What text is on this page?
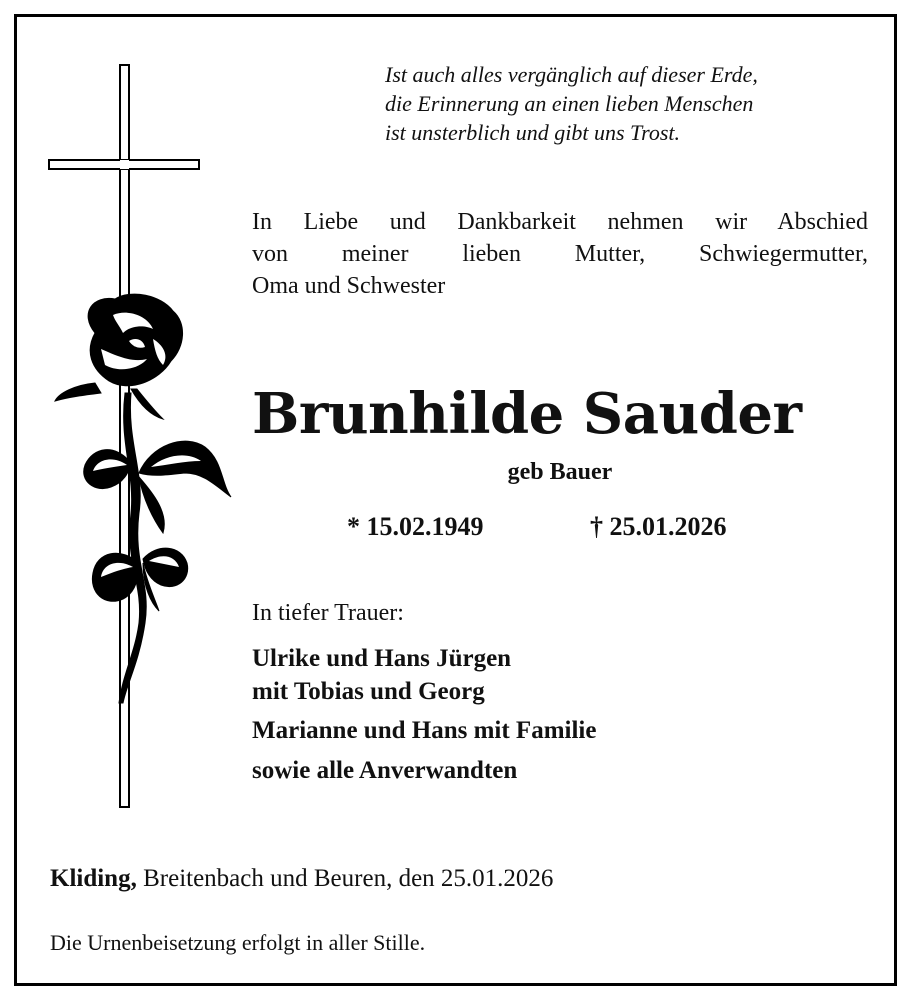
Ist auch alles vergänglich auf dieser Erde,
die Erinnerung an einen lieben Menschen
ist unsterblich und gibt uns Trost.
In Liebe und Dankbarkeit nehmen wir Abschied
von meiner lieben Mutter, Schwiegermutter,
Oma und Schwester
Brunhilde Sauder
geb Bauer
* 15.02.1949	† 25.01.2026
In tiefer Trauer:
Ulrike und Hans Jürgen
mit Tobias und Georg
Marianne und Hans mit Familie
sowie alle Anverwandten
Kliding, Breitenbach und Beuren, den 25.01.2026
Die Urnenbeisetzung erfolgt in aller Stille.
